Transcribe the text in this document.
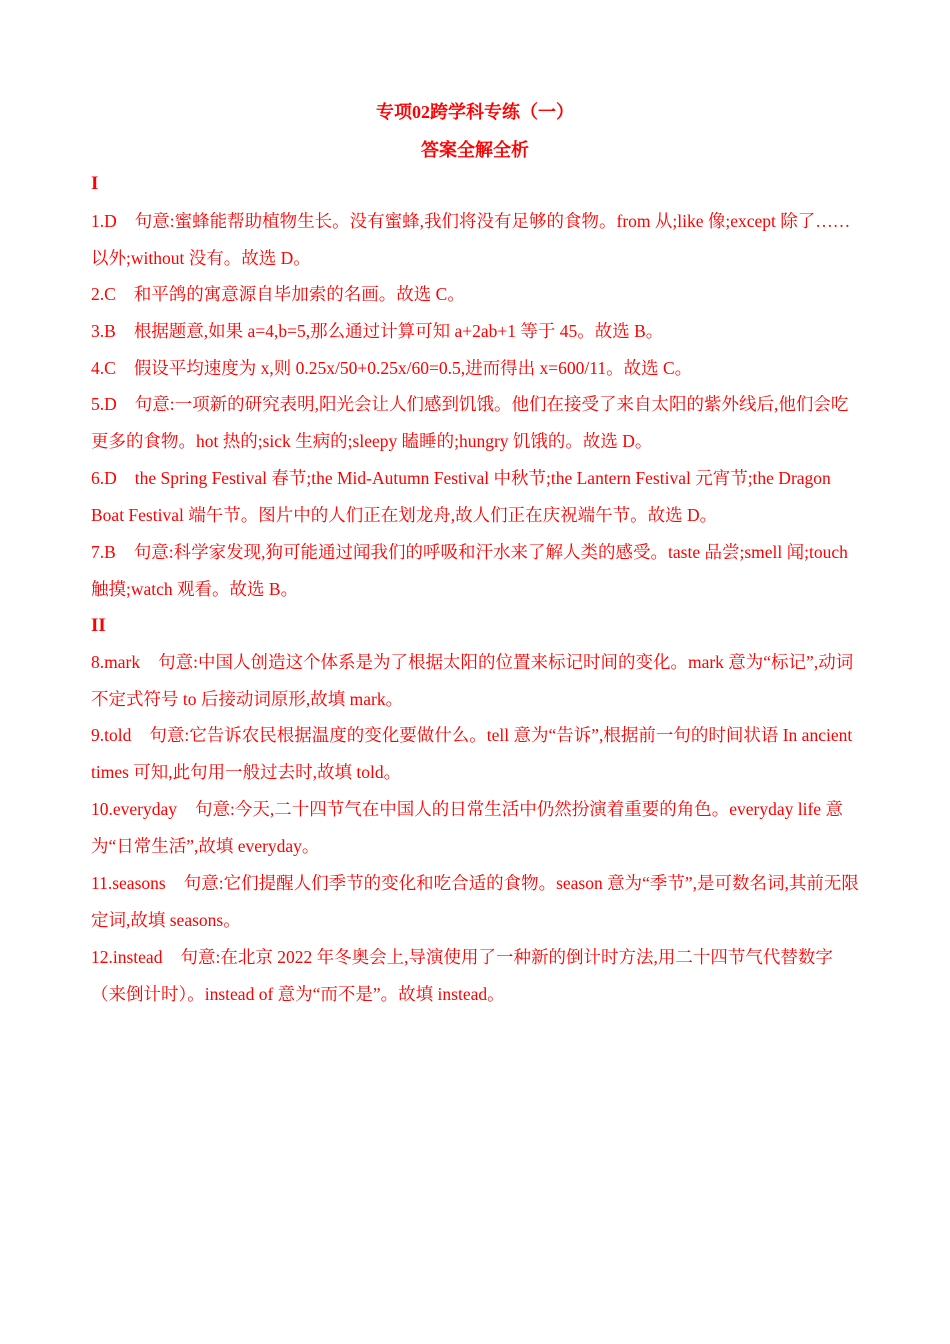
专项02跨学科专练（一）
答案全解全析
I
1.D 句意:蜜蜂能帮助植物生长。没有蜜蜂,我们将没有足够的食物。from 从;like 像;except 除了……以外;without 没有。故选 D。
2.C 和平鸽的寓意源自毕加索的名画。故选 C。
3.B 根据题意,如果 a=4,b=5,那么通过计算可知 a+2ab+1 等于 45。故选 B。
4.C 假设平均速度为 x,则 0.25x/50+0.25x/60=0.5,进而得出 x=600/11。故选 C。
5.D 句意:一项新的研究表明,阳光会让人们感到饥饿。他们在接受了来自太阳的紫外线后,他们会吃更多的食物。hot 热的;sick 生病的;sleepy 瞌睡的;hungry 饥饿的。故选 D。
6.D the Spring Festival 春节;the Mid-Autumn Festival 中秋节;the Lantern Festival 元宵节;the Dragon Boat Festival 端午节。图片中的人们正在划龙舟,故人们正在庆祝端午节。故选 D。
7.B 句意:科学家发现,狗可能通过闻我们的呼吸和汗水来了解人类的感受。taste 品尝;smell 闻;touch 触摸;watch 观看。故选 B。
II
8.mark 句意:中国人创造这个体系是为了根据太阳的位置来标记时间的变化。mark 意为“标记”,动词不定式符号 to 后接动词原形,故填 mark。
9.told 句意:它告诉农民根据温度的变化要做什么。tell 意为“告诉”,根据前一句的时间状语 In ancient times 可知,此句用一般过去时,故填 told。
10.everyday 句意:今天,二十四节气在中国人的日常生活中仍然扮演着重要的角色。everyday life 意为“日常生活”,故填 everyday。
11.seasons 句意:它们提醒人们季节的变化和吃合适的食物。season 意为“季节”,是可数名词,其前无限定词,故填 seasons。
12.instead 句意:在北京 2022 年冬奥会上,导演使用了一种新的倒计时方法,用二十四节气代替数字（来倒计时）。instead of 意为“而不是”。故填 instead。
